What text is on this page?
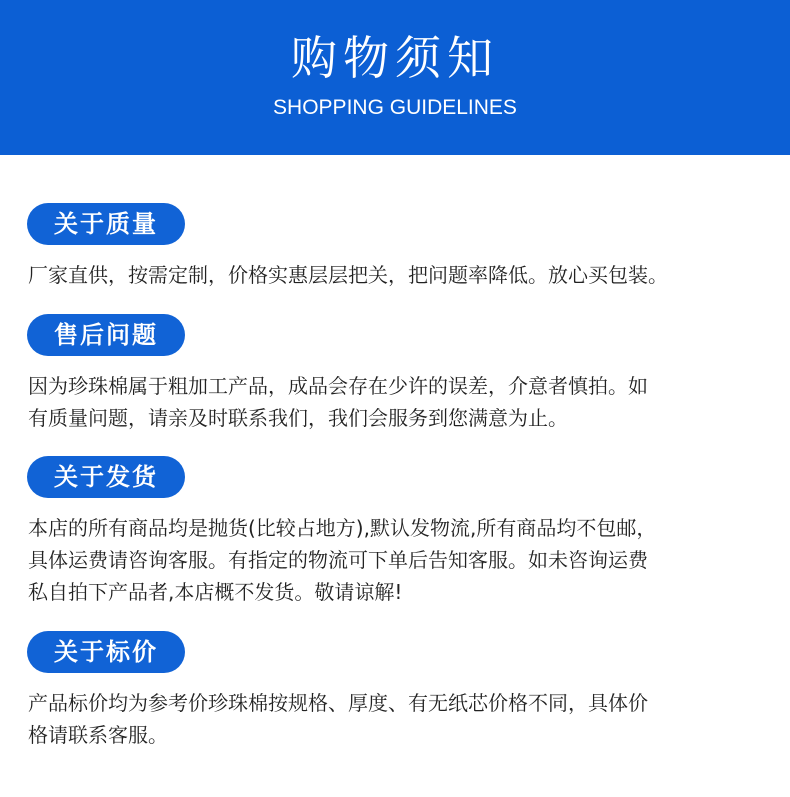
购物须知
SHOPPING GUIDELINES
关于质量
厂家直供，按需定制，价格实惠层层把关，把问题率降低。放心买包装。
售后问题
因为珍珠棉属于粗加工产品，成品会存在少许的误差，介意者慎拍。如
有质量问题，请亲及时联系我们，我们会服务到您满意为止。
关于发货
本店的所有商品均是抛货(比较占地方),默认发物流,所有商品均不包邮，
具体运费请咨询客服。有指定的物流可下单后告知客服。如未咨询运费
私自拍下产品者,本店概不发货。敬请谅解!
关于标价
产品标价均为参考价珍珠棉按规格、厚度、有无纸芯价格不同，具体价
格请联系客服。
